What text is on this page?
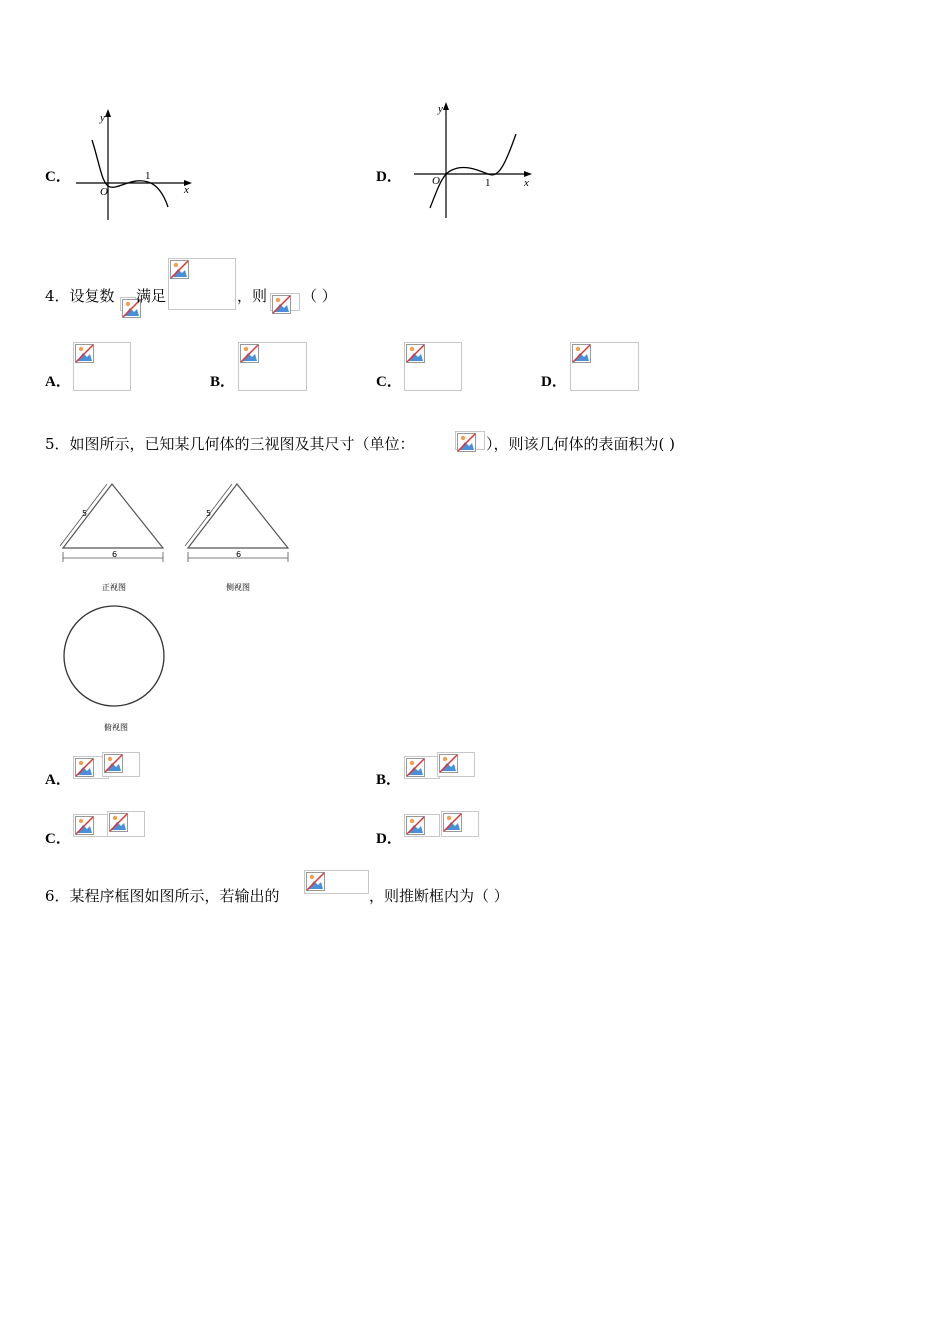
C．
y
x
O
1	D．
y
x
O	1
4．设复数 满足	，则 （ ）
A．	B．	C．	D．
5．如图所示，已知某几何体的三视图及其尺寸（单位：	），则该几何体的表面积为( )
5
6
正视图
5
6
侧视图
俯视图
A．	B．
C．	D．
6．某程序框图如图所示，若输出的	，则推断框内为（ ）
